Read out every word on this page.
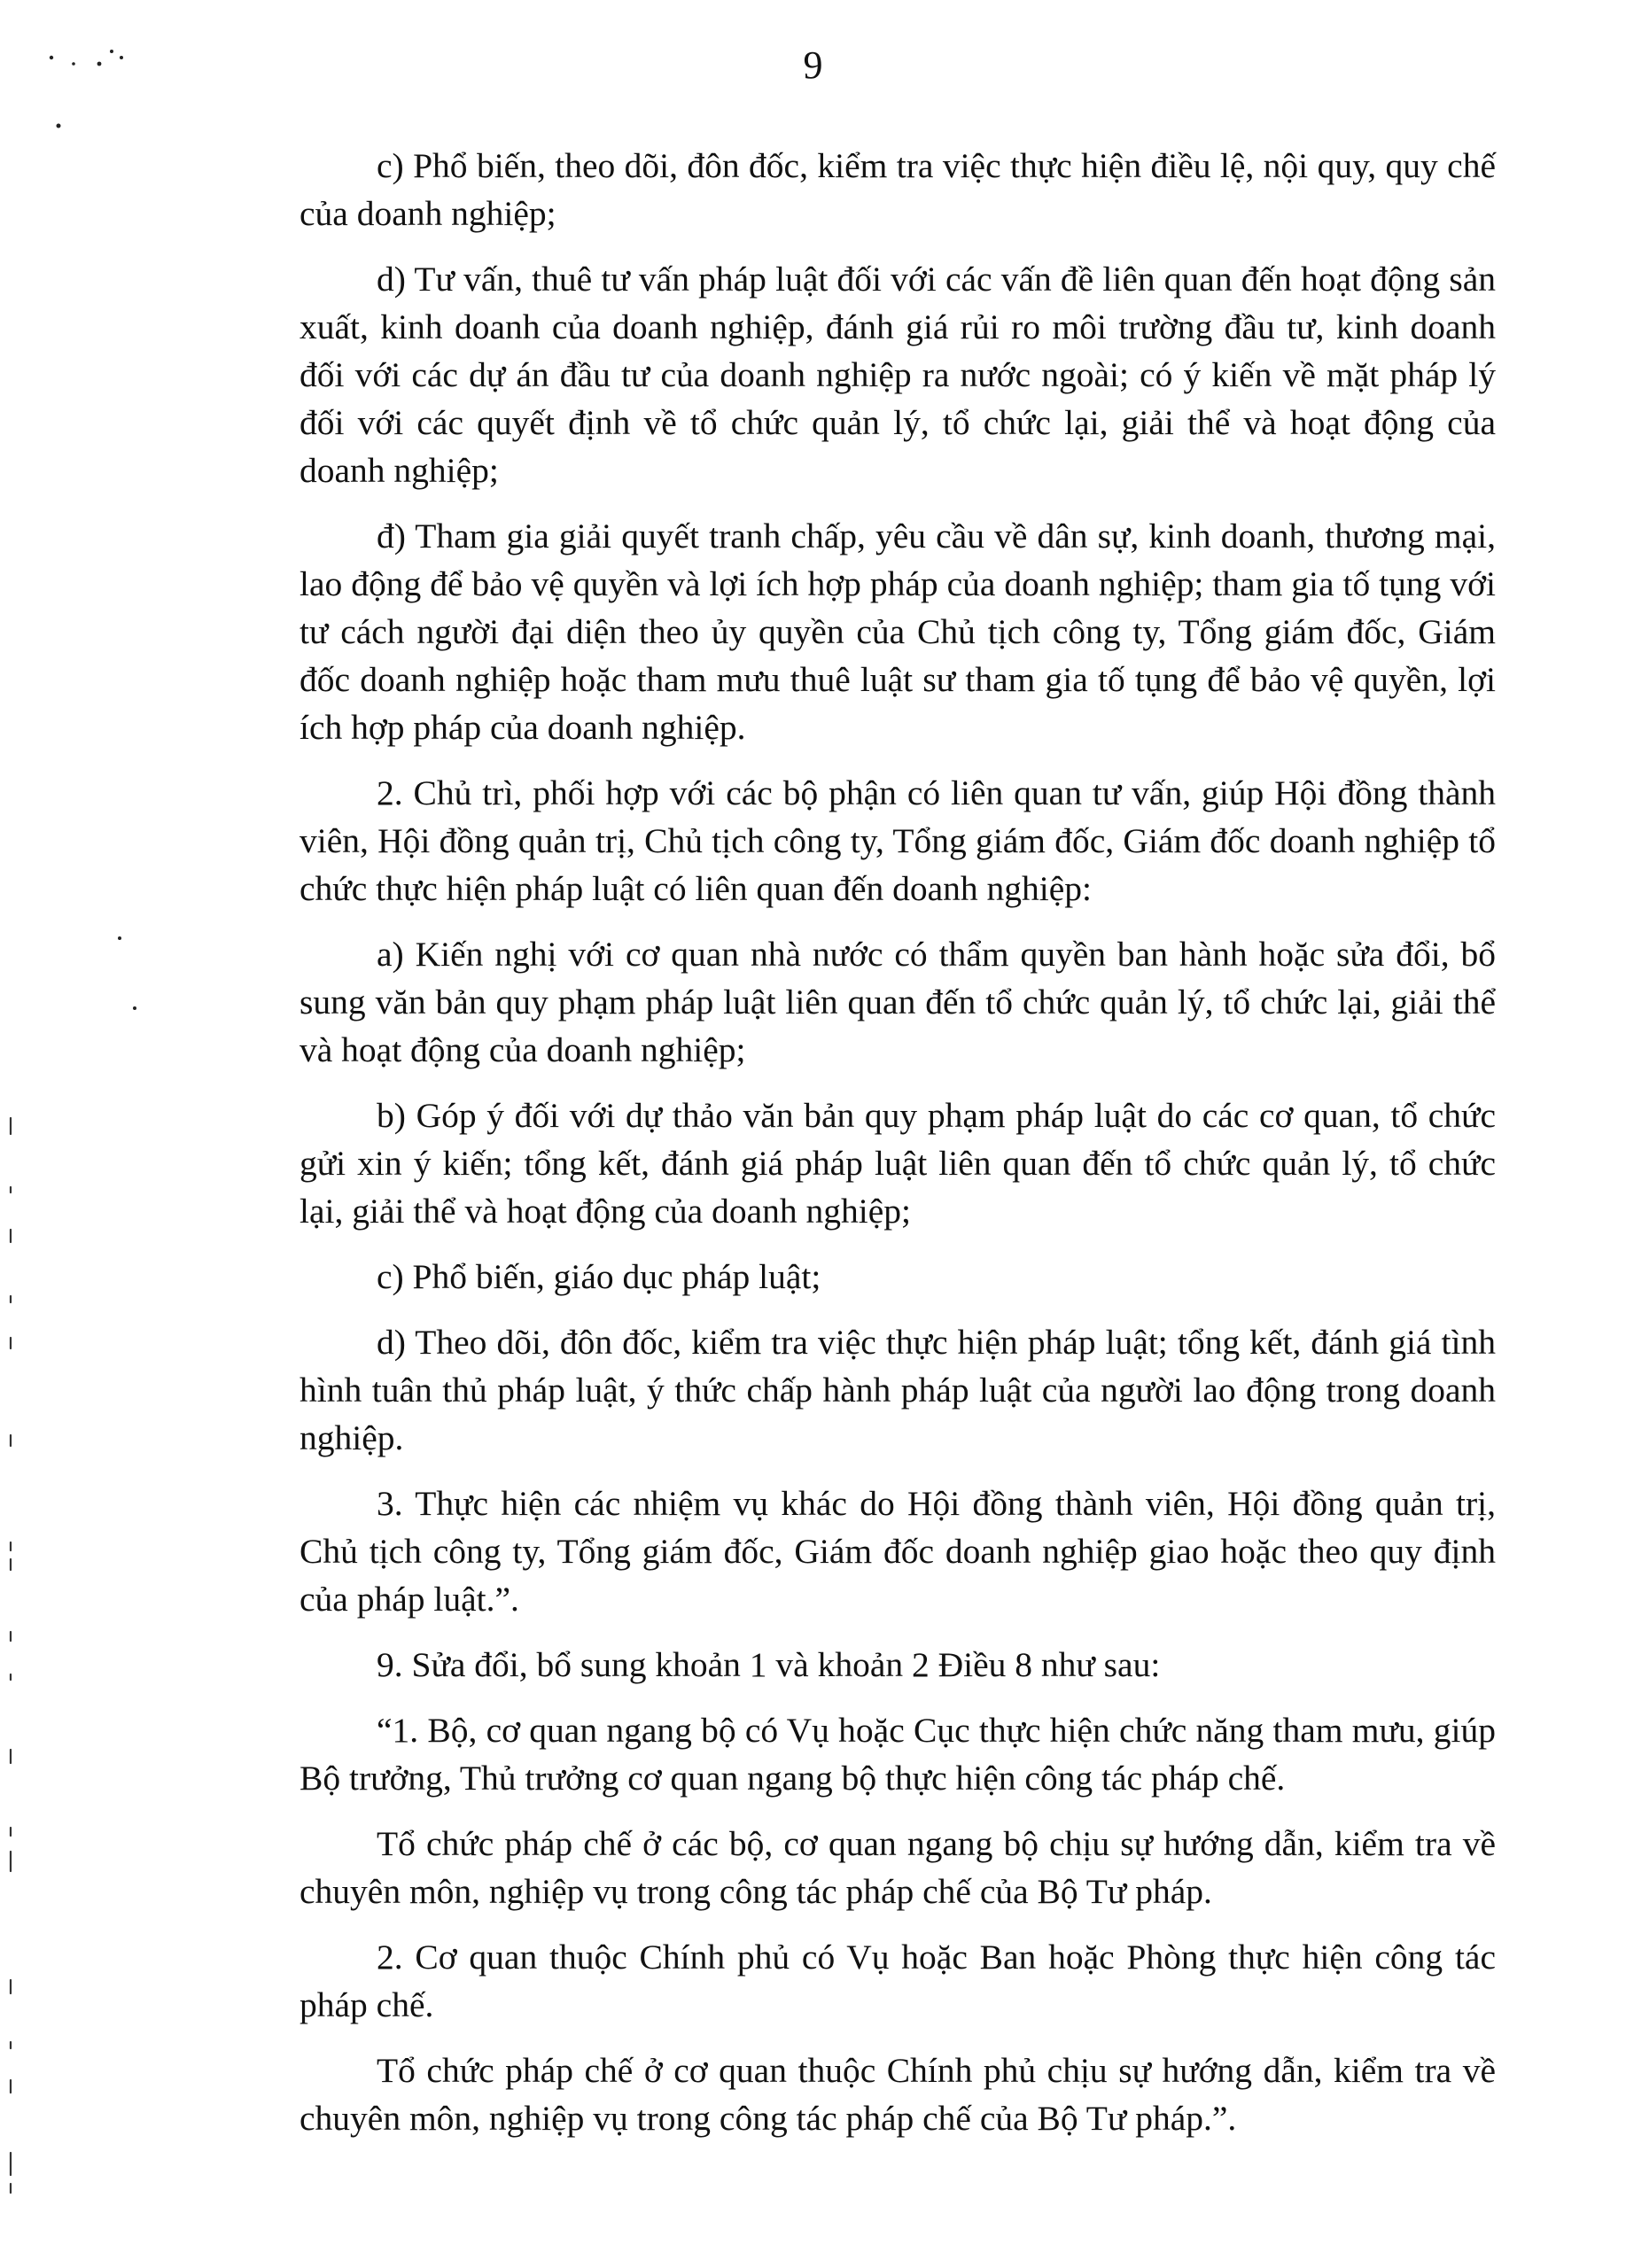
9

c) Phổ biến, theo dõi, đôn đốc, kiểm tra việc thực hiện điều lệ, nội quy, quy chế của doanh nghiệp;

d) Tư vấn, thuê tư vấn pháp luật đối với các vấn đề liên quan đến hoạt động sản xuất, kinh doanh của doanh nghiệp, đánh giá rủi ro môi trường đầu tư, kinh doanh đối với các dự án đầu tư của doanh nghiệp ra nước ngoài; có ý kiến về mặt pháp lý đối với các quyết định về tổ chức quản lý, tổ chức lại, giải thể và hoạt động của doanh nghiệp;

đ) Tham gia giải quyết tranh chấp, yêu cầu về dân sự, kinh doanh, thương mại, lao động để bảo vệ quyền và lợi ích hợp pháp của doanh nghiệp; tham gia tố tụng với tư cách người đại diện theo ủy quyền của Chủ tịch công ty, Tổng giám đốc, Giám đốc doanh nghiệp hoặc tham mưu thuê luật sư tham gia tố tụng để bảo vệ quyền, lợi ích hợp pháp của doanh nghiệp.

2. Chủ trì, phối hợp với các bộ phận có liên quan tư vấn, giúp Hội đồng thành viên, Hội đồng quản trị, Chủ tịch công ty, Tổng giám đốc, Giám đốc doanh nghiệp tổ chức thực hiện pháp luật có liên quan đến doanh nghiệp:

a) Kiến nghị với cơ quan nhà nước có thẩm quyền ban hành hoặc sửa đổi, bổ sung văn bản quy phạm pháp luật liên quan đến tổ chức quản lý, tổ chức lại, giải thể và hoạt động của doanh nghiệp;

b) Góp ý đối với dự thảo văn bản quy phạm pháp luật do các cơ quan, tổ chức gửi xin ý kiến; tổng kết, đánh giá pháp luật liên quan đến tổ chức quản lý, tổ chức lại, giải thể và hoạt động của doanh nghiệp;

c) Phổ biến, giáo dục pháp luật;

d) Theo dõi, đôn đốc, kiểm tra việc thực hiện pháp luật; tổng kết, đánh giá tình hình tuân thủ pháp luật, ý thức chấp hành pháp luật của người lao động trong doanh nghiệp.

3. Thực hiện các nhiệm vụ khác do Hội đồng thành viên, Hội đồng quản trị, Chủ tịch công ty, Tổng giám đốc, Giám đốc doanh nghiệp giao hoặc theo quy định của pháp luật.”.

9. Sửa đổi, bổ sung khoản 1 và khoản 2 Điều 8 như sau:

“1. Bộ, cơ quan ngang bộ có Vụ hoặc Cục thực hiện chức năng tham mưu, giúp Bộ trưởng, Thủ trưởng cơ quan ngang bộ thực hiện công tác pháp chế.

Tổ chức pháp chế ở các bộ, cơ quan ngang bộ chịu sự hướng dẫn, kiểm tra về chuyên môn, nghiệp vụ trong công tác pháp chế của Bộ Tư pháp.

2. Cơ quan thuộc Chính phủ có Vụ hoặc Ban hoặc Phòng thực hiện công tác pháp chế.

Tổ chức pháp chế ở cơ quan thuộc Chính phủ chịu sự hướng dẫn, kiểm tra về chuyên môn, nghiệp vụ trong công tác pháp chế của Bộ Tư pháp.”.
